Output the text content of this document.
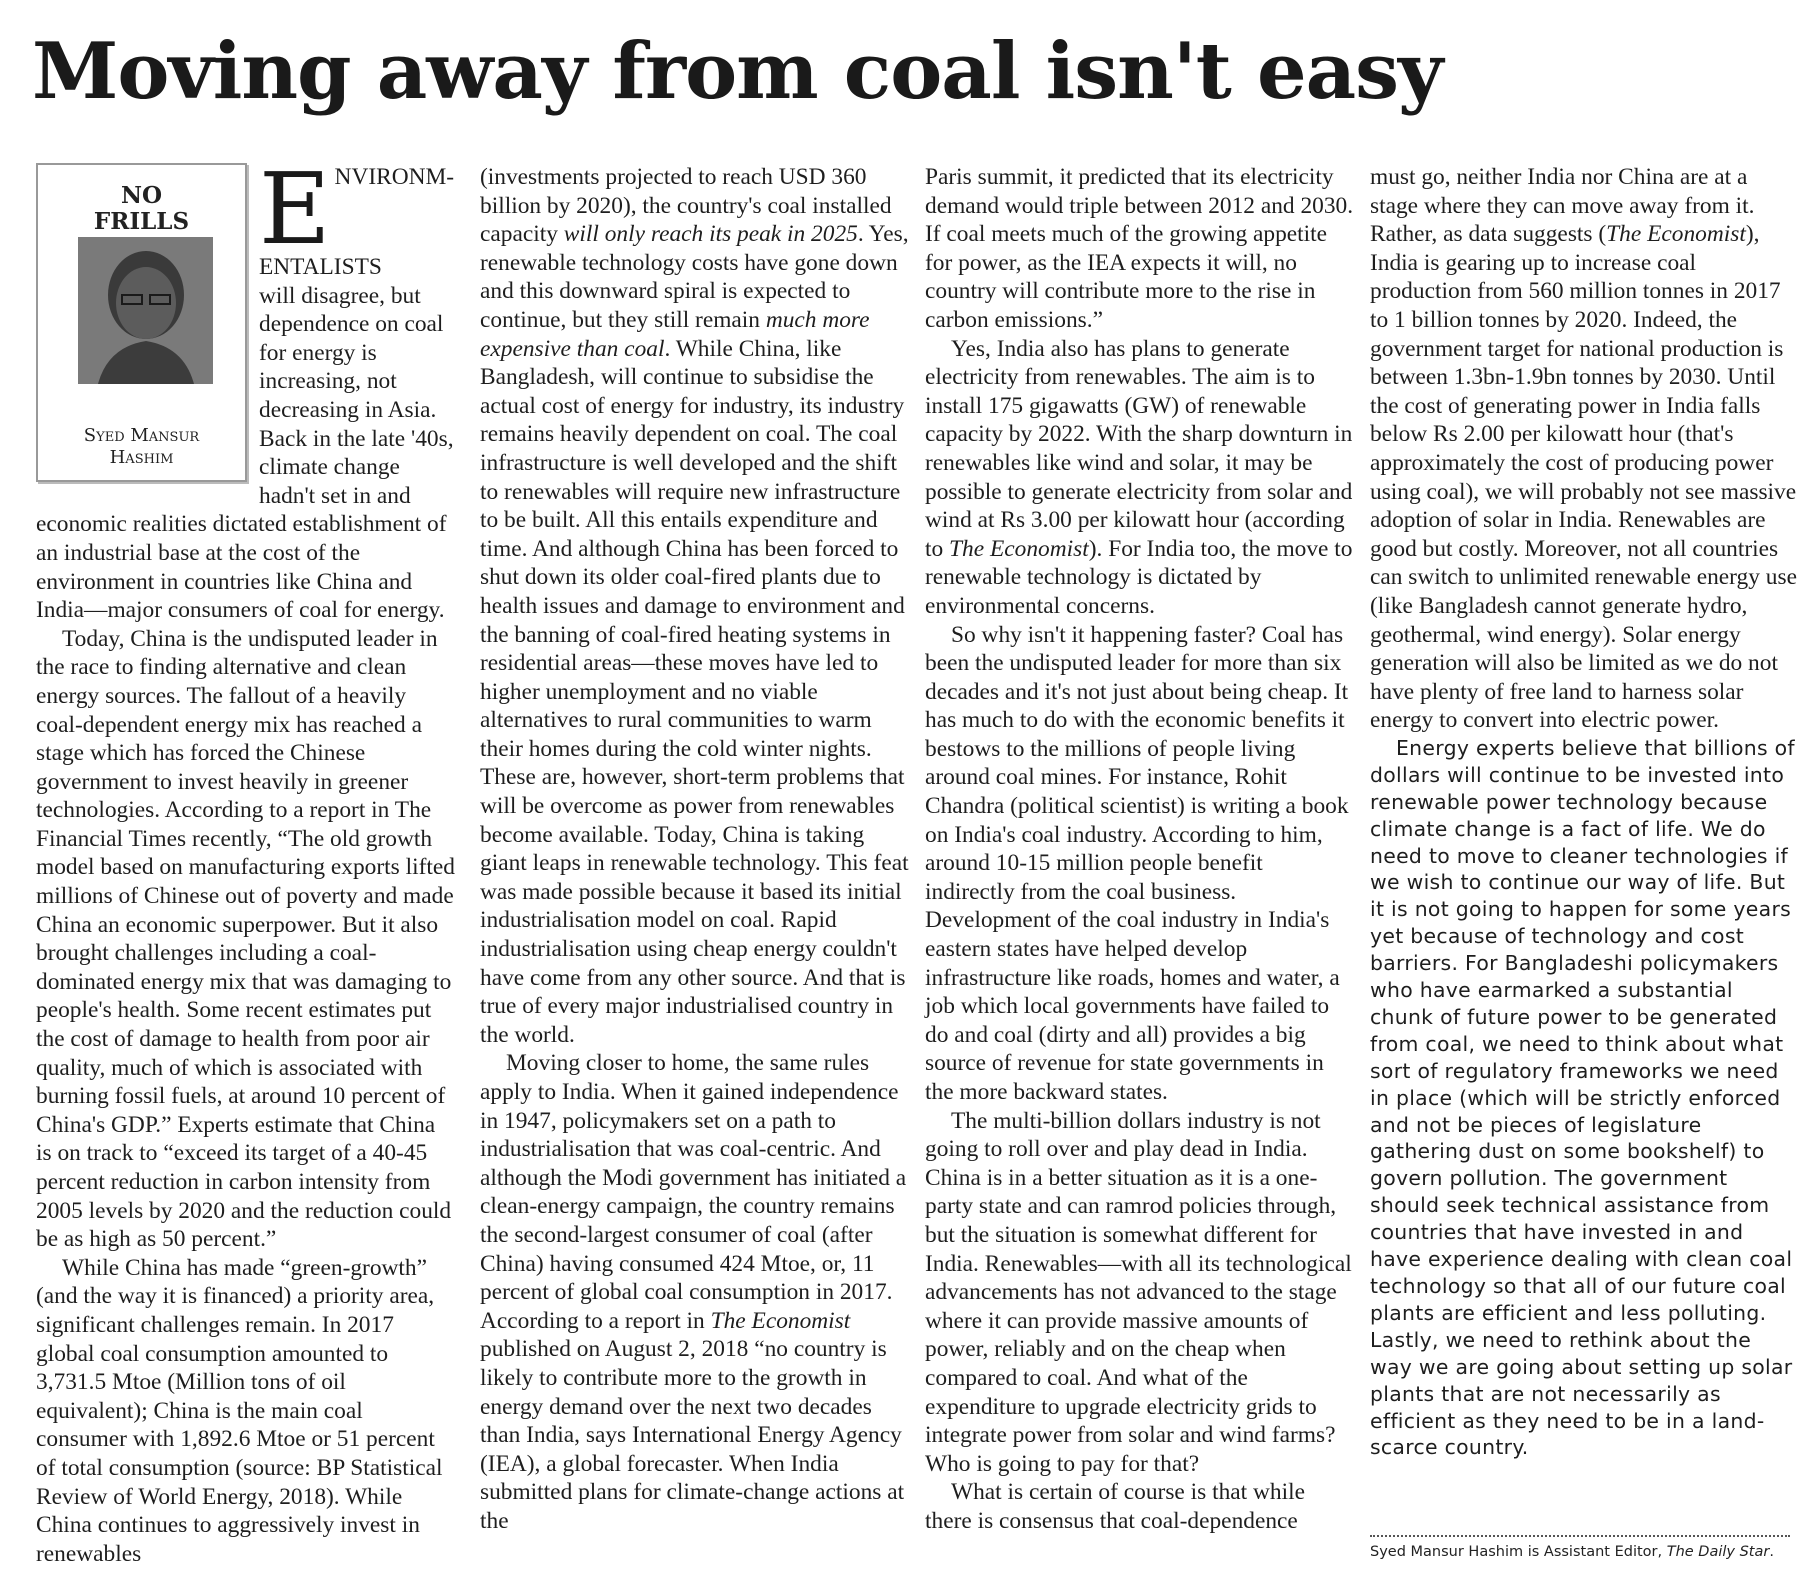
Moving away from coal isn't easy
NO
FRILLS
Syed Mansur
Hashim

ENVIRONM-
ENTALISTS
will disagree, but dependence on coal for energy is increasing, not decreasing in Asia. Back in the late '40s, climate change hadn't set in and economic realities dictated establishment of an industrial base at the cost of the environment in countries like China and India—major consumers of coal for energy.

Today, China is the undisputed leader in the race to finding alternative and clean energy sources. The fallout of a heavily coal-dependent energy mix has reached a stage which has forced the Chinese government to invest heavily in greener technologies. According to a report in The Financial Times recently, “The old growth model based on manufacturing exports lifted millions of Chinese out of poverty and made China an economic superpower. But it also brought challenges including a coal-dominated energy mix that was damaging to people's health. Some recent estimates put the cost of damage to health from poor air quality, much of which is associated with burning fossil fuels, at around 10 percent of China's GDP.” Experts estimate that China is on track to “exceed its target of a 40-45 percent reduction in carbon intensity from 2005 levels by 2020 and the reduction could be as high as 50 percent.”

While China has made “green-growth” (and the way it is financed) a priority area, significant challenges remain. In 2017 global coal consumption amounted to 3,731.5 Mtoe (Million tons of oil equivalent); China is the main coal consumer with 1,892.6 Mtoe or 51 percent of total consumption (source: BP Statistical Review of World Energy, 2018). While China continues to aggressively invest in renewables

(investments projected to reach USD 360 billion by 2020), the country's coal installed capacity will only reach its peak in 2025. Yes, renewable technology costs have gone down and this downward spiral is expected to continue, but they still remain much more expensive than coal. While China, like Bangladesh, will continue to subsidise the actual cost of energy for industry, its industry remains heavily dependent on coal. The coal infrastructure is well developed and the shift to renewables will require new infrastructure to be built. All this entails expenditure and time. And although China has been forced to shut down its older coal-fired plants due to health issues and damage to environment and the banning of coal-fired heating systems in residential areas—these moves have led to higher unemployment and no viable alternatives to rural communities to warm their homes during the cold winter nights. These are, however, short-term problems that will be overcome as power from renewables become available. Today, China is taking giant leaps in renewable technology. This feat was made possible because it based its initial industrialisation model on coal. Rapid industrialisation using cheap energy couldn't have come from any other source. And that is true of every major industrialised country in the world.

Moving closer to home, the same rules apply to India. When it gained independence in 1947, policymakers set on a path to industrialisation that was coal-centric. And although the Modi government has initiated a clean-energy campaign, the country remains the second-largest consumer of coal (after China) having consumed 424 Mtoe, or, 11 percent of global coal consumption in 2017. According to a report in The Economist published on August 2, 2018 “no country is likely to contribute more to the growth in energy demand over the next two decades than India, says International Energy Agency (IEA), a global forecaster. When India submitted plans for climate-change actions at the

Paris summit, it predicted that its electricity demand would triple between 2012 and 2030. If coal meets much of the growing appetite for power, as the IEA expects it will, no country will contribute more to the rise in carbon emissions.”

Yes, India also has plans to generate electricity from renewables. The aim is to install 175 gigawatts (GW) of renewable capacity by 2022. With the sharp downturn in renewables like wind and solar, it may be possible to generate electricity from solar and wind at Rs 3.00 per kilowatt hour (according to The Economist). For India too, the move to renewable technology is dictated by environmental concerns.

So why isn't it happening faster? Coal has been the undisputed leader for more than six decades and it's not just about being cheap. It has much to do with the economic benefits it bestows to the millions of people living around coal mines. For instance, Rohit Chandra (political scientist) is writing a book on India's coal industry. According to him, around 10-15 million people benefit indirectly from the coal business. Development of the coal industry in India's eastern states have helped develop infrastructure like roads, homes and water, a job which local governments have failed to do and coal (dirty and all) provides a big source of revenue for state governments in the more backward states.

The multi-billion dollars industry is not going to roll over and play dead in India. China is in a better situation as it is a one-party state and can ramrod policies through, but the situation is somewhat different for India. Renewables—with all its technological advancements has not advanced to the stage where it can provide massive amounts of power, reliably and on the cheap when compared to coal. And what of the expenditure to upgrade electricity grids to integrate power from solar and wind farms? Who is going to pay for that?

What is certain of course is that while there is consensus that coal-dependence

must go, neither India nor China are at a stage where they can move away from it. Rather, as data suggests (The Economist), India is gearing up to increase coal production from 560 million tonnes in 2017 to 1 billion tonnes by 2020. Indeed, the government target for national production is between 1.3bn-1.9bn tonnes by 2030. Until the cost of generating power in India falls below Rs 2.00 per kilowatt hour (that's approximately the cost of producing power using coal), we will probably not see massive adoption of solar in India. Renewables are good but costly. Moreover, not all countries can switch to unlimited renewable energy use (like Bangladesh cannot generate hydro, geothermal, wind energy). Solar energy generation will also be limited as we do not have plenty of free land to harness solar energy to convert into electric power.

Energy experts believe that billions of dollars will continue to be invested into renewable power technology because climate change is a fact of life. We do need to move to cleaner technologies if we wish to continue our way of life. But it is not going to happen for some years yet because of technology and cost barriers. For Bangladeshi policymakers who have earmarked a substantial chunk of future power to be generated from coal, we need to think about what sort of regulatory frameworks we need in place (which will be strictly enforced and not be pieces of legislature gathering dust on some bookshelf) to govern pollution. The government should seek technical assistance from countries that have invested in and have experience dealing with clean coal technology so that all of our future coal plants are efficient and less polluting. Lastly, we need to rethink about the way we are going about setting up solar plants that are not necessarily as efficient as they need to be in a land-scarce country.

Syed Mansur Hashim is Assistant Editor, The Daily Star.
